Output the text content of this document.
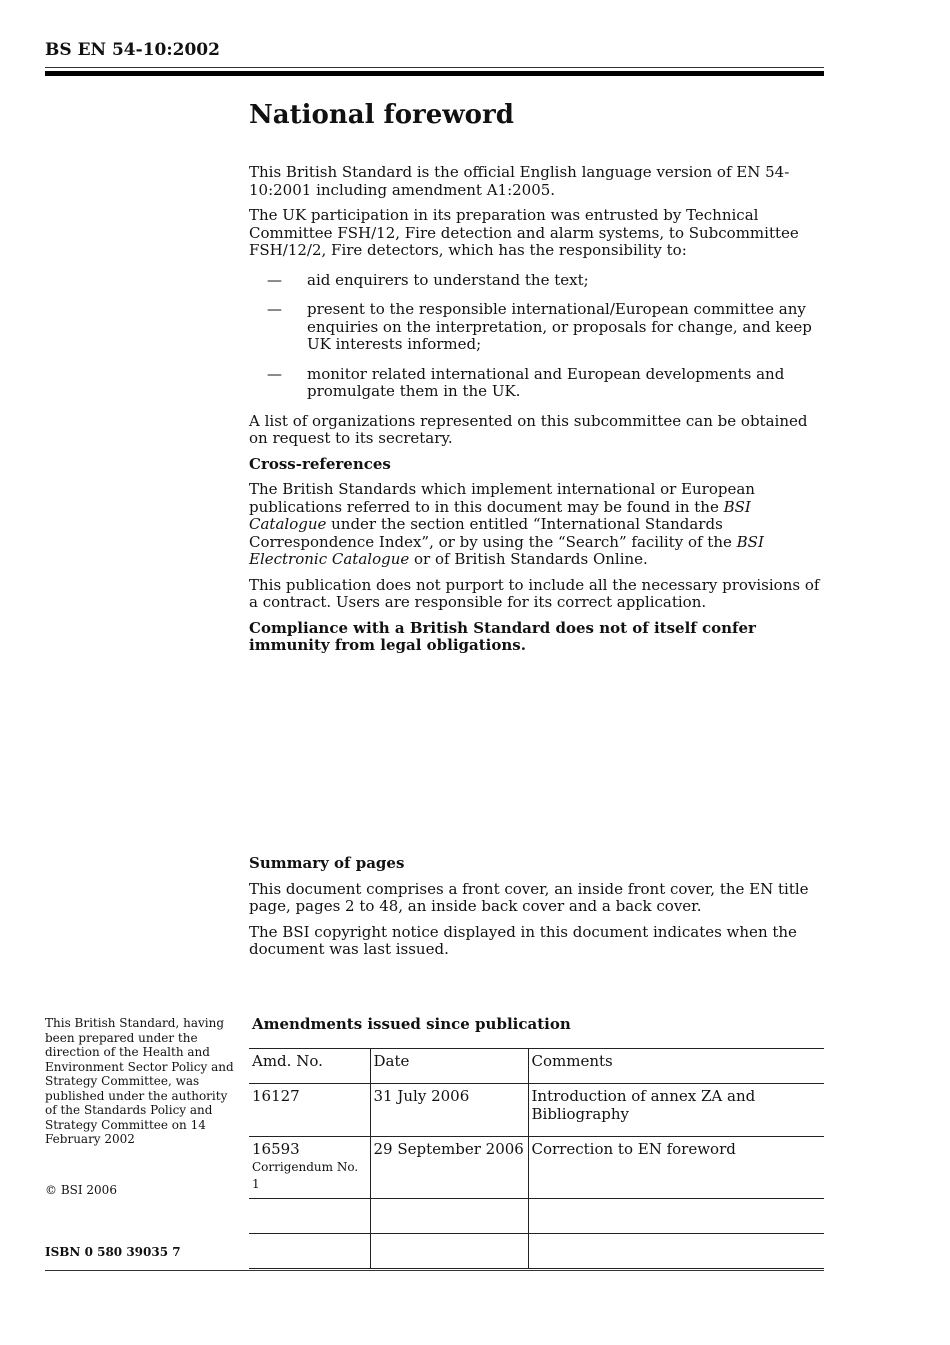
BS EN 54-10:2002
National foreword

This British Standard is the official English language version of EN 54-10:2001 including amendment A1:2005.

The UK participation in its preparation was entrusted by Technical Committee FSH/12, Fire detection and alarm systems, to Subcommittee FSH/12/2, Fire detectors, which has the responsibility to:

— aid enquirers to understand the text;
— present to the responsible international/European committee any enquiries on the interpretation, or proposals for change, and keep UK interests informed;
— monitor related international and European developments and promulgate them in the UK.

A list of organizations represented on this subcommittee can be obtained on request to its secretary.

Cross-references

The British Standards which implement international or European publications referred to in this document may be found in the BSI Catalogue under the section entitled “International Standards Correspondence Index”, or by using the “Search” facility of the BSI Electronic Catalogue or of British Standards Online.

This publication does not purport to include all the necessary provisions of a contract. Users are responsible for its correct application.

Compliance with a British Standard does not of itself confer immunity from legal obligations.

Summary of pages

This document comprises a front cover, an inside front cover, the EN title page, pages 2 to 48, an inside back cover and a back cover.

The BSI copyright notice displayed in this document indicates when the document was last issued.

This British Standard, having been prepared under the direction of the Health and Environment Sector Policy and Strategy Committee, was published under the authority of the Standards Policy and Strategy Committee on 14 February 2002
© BSI 2006
ISBN 0 580 39035 7
Amendments issued since publication
Amd. No.	Date	Comments
16127	31 July 2006	Introduction of annex ZA and Bibliography
16593
Corrigendum No. 1	29 September 2006	Correction to EN foreword
